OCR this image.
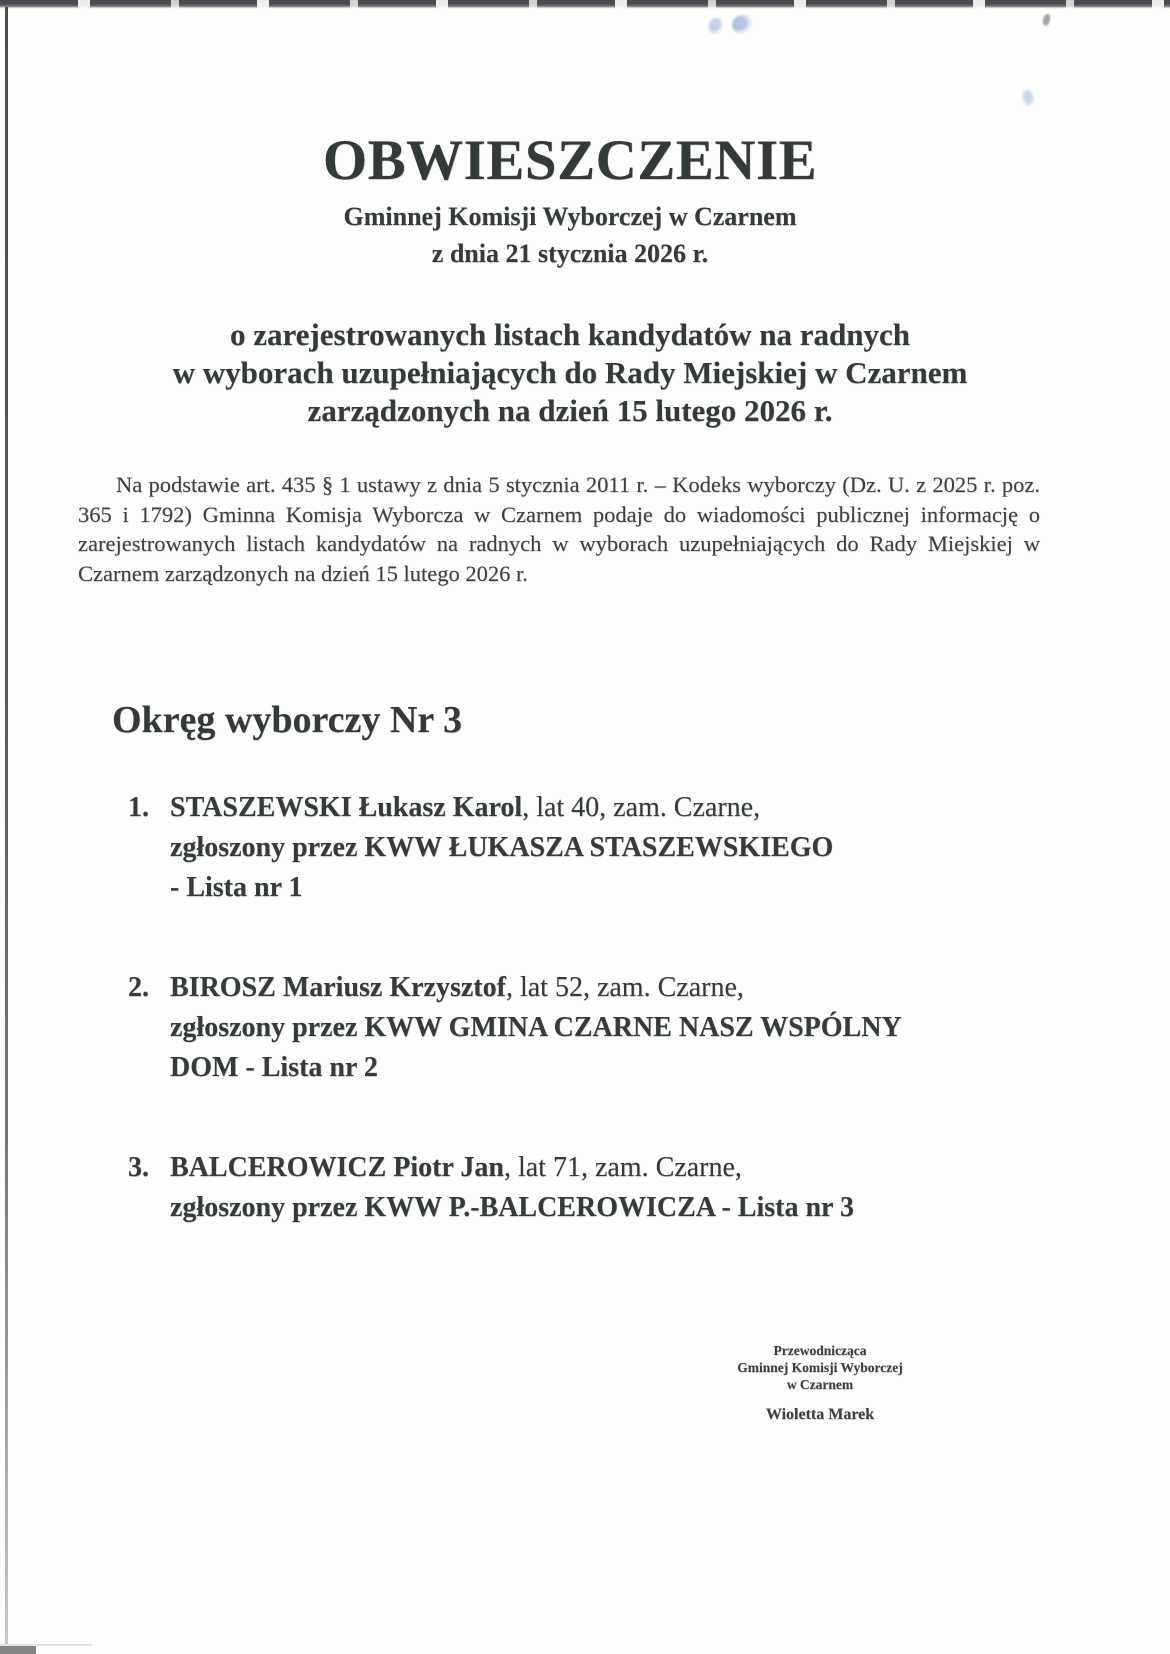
OBWIESZCZENIE
Gminnej Komisji Wyborczej w Czarnem
z dnia 21 stycznia 2026 r.
o zarejestrowanych listach kandydatów na radnych
w wyborach uzupełniających do Rady Miejskiej w Czarnem
zarządzonych na dzień 15 lutego 2026 r.
Na podstawie art. 435 § 1 ustawy z dnia 5 stycznia 2011 r. – Kodeks wyborczy (Dz. U. z 2025 r. poz. 365 i 1792) Gminna Komisja Wyborcza w Czarnem podaje do wiadomości publicznej informację o zarejestrowanych listach kandydatów na radnych w wyborach uzupełniających do Rady Miejskiej w Czarnem zarządzonych na dzień 15 lutego 2026 r.
Okręg wyborczy Nr 3
1. STASZEWSKI Łukasz Karol, lat 40, zam. Czarne,
zgłoszony przez KWW ŁUKASZA STASZEWSKIEGO
- Lista nr 1
2. BIROSZ Mariusz Krzysztof, lat 52, zam. Czarne,
zgłoszony przez KWW GMINA CZARNE NASZ WSPÓLNY
DOM - Lista nr 2
3. BALCEROWICZ Piotr Jan, lat 71, zam. Czarne,
zgłoszony przez KWW P.-BALCEROWICZA - Lista nr 3
Przewodnicząca
Gminnej Komisji Wyborczej
w Czarnem
Wioletta Marek
